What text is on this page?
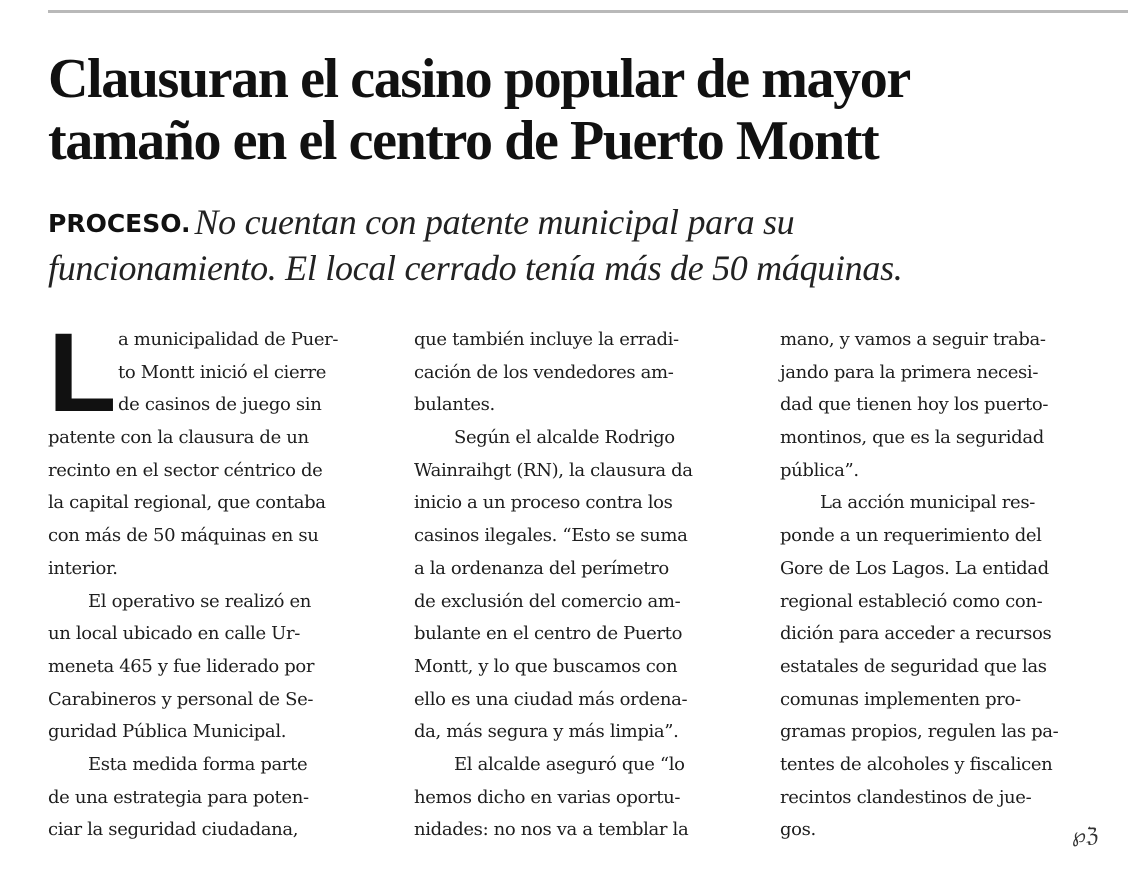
Clausuran el casino popular de mayor
tamaño en el centro de Puerto Montt
PROCESO. No cuentan con patente municipal para su
funcionamiento. El local cerrado tenía más de 50 máquinas.
L a municipalidad de Puer-
to Montt inició el cierre
de casinos de juego sin
patente con la clausura de un
recinto en el sector céntrico de
la capital regional, que contaba
con más de 50 máquinas en su
interior.
El operativo se realizó en
un local ubicado en calle Ur-
meneta 465 y fue liderado por
Carabineros y personal de Se-
guridad Pública Municipal.
Esta medida forma parte
de una estrategia para poten-
ciar la seguridad ciudadana,
que también incluye la erradi-
cación de los vendedores am-
bulantes.
Según el alcalde Rodrigo
Wainraihgt (RN), la clausura da
inicio a un proceso contra los
casinos ilegales. “Esto se suma
a la ordenanza del perímetro
de exclusión del comercio am-
bulante en el centro de Puerto
Montt, y lo que buscamos con
ello es una ciudad más ordena-
da, más segura y más limpia”.
El alcalde aseguró que “lo
hemos dicho en varias oportu-
nidades: no nos va a temblar la
mano, y vamos a seguir traba-
jando para la primera necesi-
dad que tienen hoy los puerto-
montinos, que es la seguridad
pública”.
La acción municipal res-
ponde a un requerimiento del
Gore de Los Lagos. La entidad
regional estableció como con-
dición para acceder a recursos
estatales de seguridad que las
comunas implementen pro-
gramas propios, regulen las pa-
tentes de alcoholes y fiscalicen
recintos clandestinos de jue-
gos.	℘ℨ
